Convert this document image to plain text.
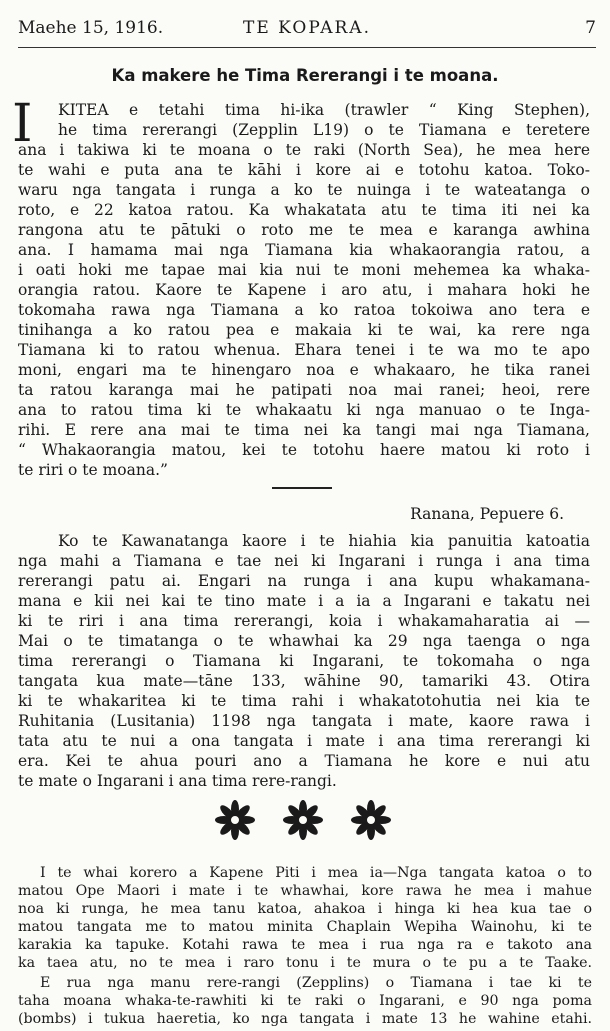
Maehe 15, 1916.	TE KOPARA.	7
Ka makere he Tima Rererangi i te moana.
I KITEA e tetahi tima hi-ika (trawler “ King Stephen),
he tima rererangi (Zepplin L19) o te Tiamana e teretere
ana i takiwa ki te moana o te raki (North Sea), he mea here
te wahi e puta ana te kāhi i kore ai e totohu katoa. Toko-
waru nga tangata i runga a ko te nuinga i te wateatanga o
roto, e 22 katoa ratou. Ka whakatata atu te tima iti nei ka
rangona atu te pātuki o roto me te mea e karanga awhina
ana. I hamama mai nga Tiamana kia whakaorangia ratou, a
i oati hoki me tapae mai kia nui te moni mehemea ka whaka-
orangia ratou. Kaore te Kapene i aro atu, i mahara hoki he
tokomaha rawa nga Tiamana a ko ratoa tokoiwa ano tera e
tinihanga a ko ratou pea e makaia ki te wai, ka rere nga
Tiamana ki to ratou whenua. Ehara tenei i te wa mo te apo
moni, engari ma te hinengaro noa e whakaaro, he tika ranei
ta ratou karanga mai he patipati noa mai ranei; heoi, rere
ana to ratou tima ki te whakaatu ki nga manuao o te Inga-
rihi. E rere ana mai te tima nei ka tangi mai nga Tiamana,
“ Whakaorangia matou, kei te totohu haere matou ki roto i
te riri o te moana.”
Ranana, Pepuere 6.
Ko te Kawanatanga kaore i te hiahia kia panuitia katoatia
nga mahi a Tiamana e tae nei ki Ingarani i runga i ana tima
rererangi patu ai. Engari na runga i ana kupu whakamana-
mana e kii nei kai te tino mate i a ia a Ingarani e takatu nei
ki te riri i ana tima rererangi, koia i whakamaharatia ai —
Mai o te timatanga o te whawhai ka 29 nga taenga o nga
tima rererangi o Tiamana ki Ingarani, te tokomaha o nga
tangata kua mate—tāne 133, wāhine 90, tamariki 43. Otira
ki te whakaritea ki te tima rahi i whakatotohutia nei kia te
Ruhitania (Lusitania) 1198 nga tangata i mate, kaore rawa i
tata atu te nui a ona tangata i mate i ana tima rererangi ki
era. Kei te ahua pouri ano a Tiamana he kore e nui atu
te mate o Ingarani i ana tima rere-rangi.
I te whai korero a Kapene Piti i mea ia—Nga tangata katoa o to
matou Ope Maori i mate i te whawhai, kore rawa he mea i mahue
noa ki runga, he mea tanu katoa, ahakoa i hinga ki hea kua tae o
matou tangata me to matou minita Chaplain Wepiha Wainohu, ki te
karakia ka tapuke. Kotahi rawa te mea i rua nga ra e takoto ana
ka taea atu, no te mea i raro tonu i te mura o te pu a te Taake.
E rua nga manu rere-rangi (Zepplins) o Tiamana i tae ki te
taha moana whaka-te-rawhiti ki te raki o Ingarani, e 90 nga poma
(bombs) i tukua haeretia, ko nga tangata i mate 13 he wahine etahi.
